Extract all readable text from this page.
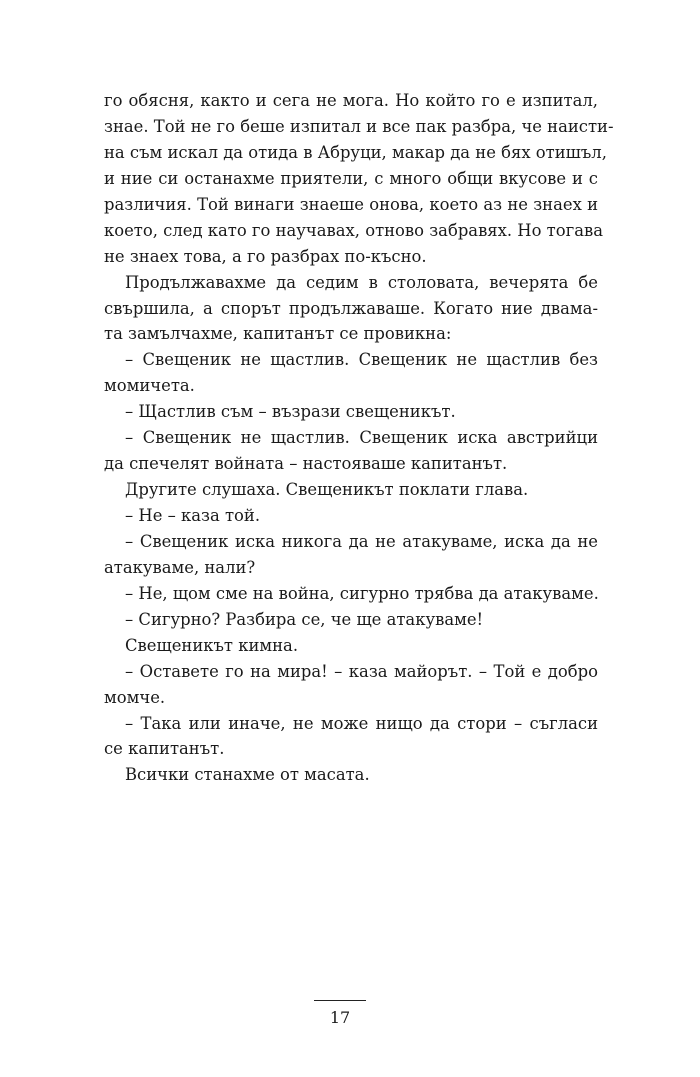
го обясня, както и сега не мога. Но който го е изпитал,
знае. Той не го беше изпитал и все пак разбра, че наисти-
на съм искал да отида в Абруци, макар да не бях отишъл,
и ние си останахме приятели, с много общи вкусове и с
различия. Той винаги знаеше онова, което аз не знаех и
което, след като го научавах, отново забравях. Но тогава
не знаех това, а го разбрах по-късно.
Продължавахме да седим в столовата, вечерята бе
свършила, а спорът продължаваше. Когато ние двама-
та замълчахме, капитанът се провикна:
– Свещеник не щастлив. Свещеник не щастлив без
момичета.
– Щастлив съм – възрази свещеникът.
– Свещеник не щастлив. Свещеник иска австрийци
да спечелят войната – настояваше капитанът.
Другите слушаха. Свещеникът поклати глава.
– Не – каза той.
– Свещеник иска никога да не атакуваме, иска да не
атакуваме, нали?
– Не, щом сме на война, сигурно трябва да атакуваме.
– Сигурно? Разбира се, че ще атакуваме!
Свещеникът кимна.
– Оставете го на мира! – каза майорът. – Той е добро
момче.
– Така или иначе, не може нищо да стори – съгласи
се капитанът.
Всички станахме от масата.
17
